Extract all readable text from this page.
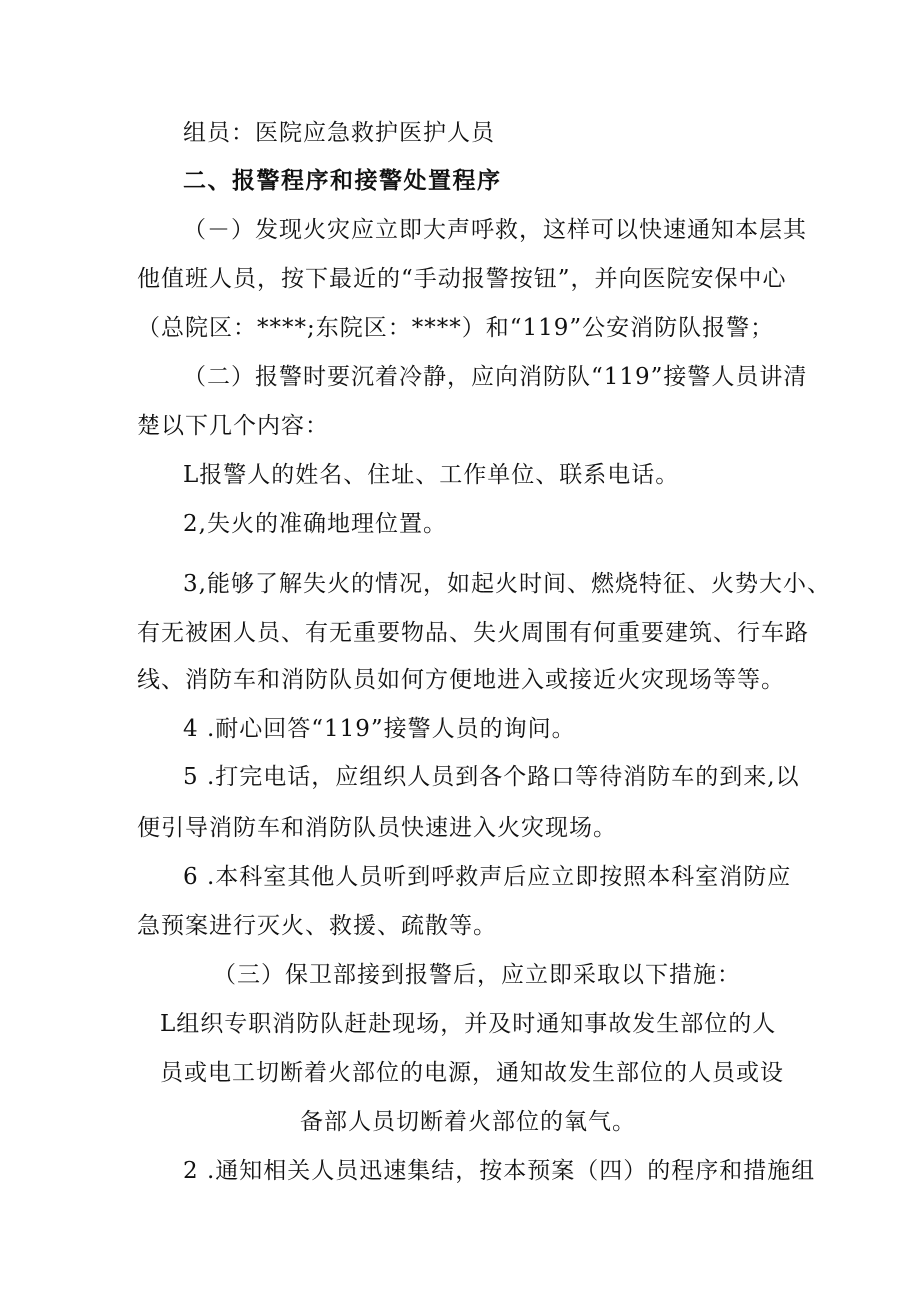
组员：医院应急救护医护人员
二、报警程序和接警处置程序
（－）发现火灾应立即大声呼救，这样可以快速通知本层其
他值班人员，按下最近的“手动报警按钮”，并向医院安保中心
（总院区：****;东院区：****）和“119”公安消防队报警；
（二）报警时要沉着冷静，应向消防队“119”接警人员讲清
楚以下几个内容：
L报警人的姓名、住址、工作单位、联系电话。
2,失火的准确地理位置。
3,能够了解失火的情况，如起火时间、燃烧特征、火势大小、
有无被困人员、有无重要物品、失火周围有何重要建筑、行车路
线、消防车和消防队员如何方便地进入或接近火灾现场等等。
4 .耐心回答“119”接警人员的询问。
5 .打完电话，应组织人员到各个路口等待消防车的到来,以
便引导消防车和消防队员快速进入火灾现场。
6 .本科室其他人员听到呼救声后应立即按照本科室消防应
急预案进行灭火、救援、疏散等。
（三）保卫部接到报警后，应立即采取以下措施：
L组织专职消防队赶赴现场，并及时通知事故发生部位的人
员或电工切断着火部位的电源，通知故发生部位的人员或设
备部人员切断着火部位的氧气。
2 .通知相关人员迅速集结，按本预案（四）的程序和措施组
